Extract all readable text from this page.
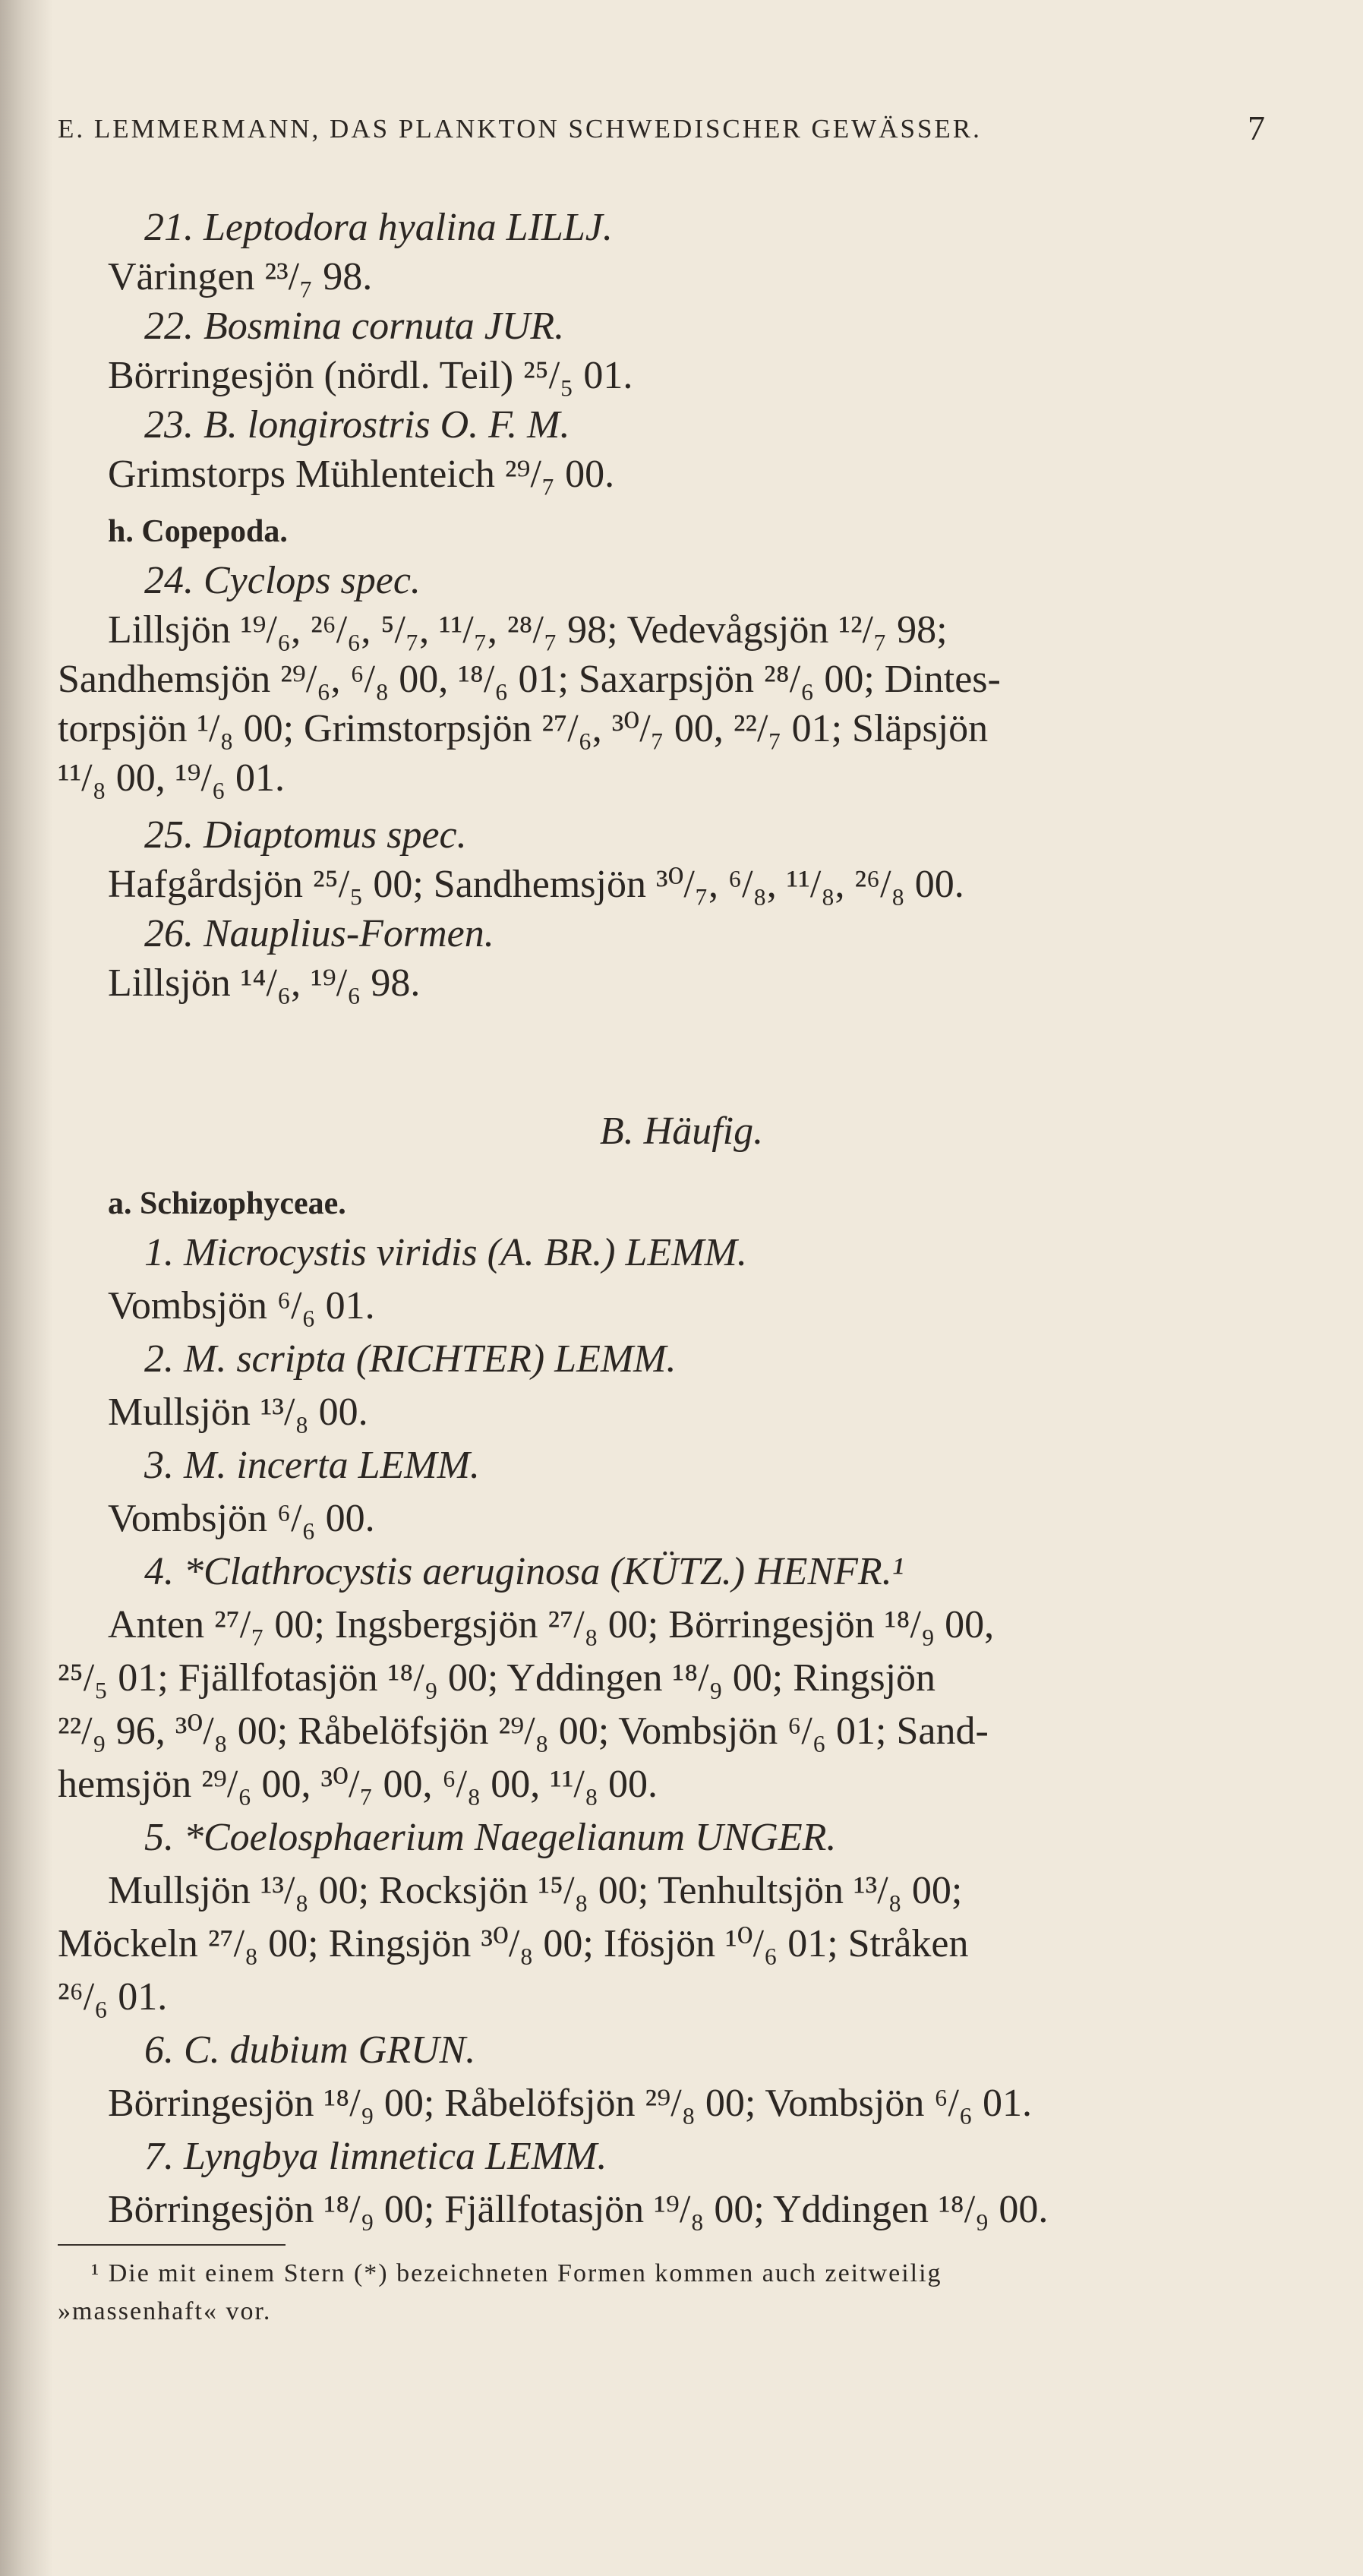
E. LEMMERMANN, DAS PLANKTON SCHWEDISCHER GEWÄSSER.	7
21. Leptodora hyalina LILLJ.
Väringen ²³/₇ 98.
22. Bosmina cornuta JUR.
Börringesjön (nördl. Teil) ²⁵/₅ 01.
23. B. longirostris O. F. M.
Grimstorps Mühlenteich ²⁹/₇ 00.
h. Copepoda.
24. Cyclops spec.
Lillsjön ¹⁹/₆, ²⁶/₆, ⁵/₇, ¹¹/₇, ²⁸/₇ 98; Vedevågsjön ¹²/₇ 98;
Sandhemsjön ²⁹/₆, ⁶/₈ 00, ¹⁸/₆ 01; Saxarpsjön ²⁸/₆ 00; Dintes-
torpsjön ¹/₈ 00; Grimstorpsjön ²⁷/₆, ³⁰/₇ 00, ²²/₇ 01; Släpsjön
¹¹/₈ 00, ¹⁹/₆ 01.
25. Diaptomus spec.
Hafgårdsjön ²⁵/₅ 00; Sandhemsjön ³⁰/₇, ⁶/₈, ¹¹/₈, ²⁶/₈ 00.
26. Nauplius-Formen.
Lillsjön ¹⁴/₆, ¹⁹/₆ 98.
B. Häufig.
a. Schizophyceae.
1. Microcystis viridis (A. BR.) LEMM.
Vombsjön ⁶/₆ 01.
2. M. scripta (RICHTER) LEMM.
Mullsjön ¹³/₈ 00.
3. M. incerta LEMM.
Vombsjön ⁶/₆ 00.
4. *Clathrocystis aeruginosa (KÜTZ.) HENFR.¹
Anten ²⁷/₇ 00; Ingsbergsjön ²⁷/₈ 00; Börringesjön ¹⁸/₉ 00,
²⁵/₅ 01; Fjällfotasjön ¹⁸/₉ 00; Yddingen ¹⁸/₉ 00; Ringsjön
²²/₉ 96, ³⁰/₈ 00; Råbelöfsjön ²⁹/₈ 00; Vombsjön ⁶/₆ 01; Sand-
hemsjön ²⁹/₆ 00, ³⁰/₇ 00, ⁶/₈ 00, ¹¹/₈ 00.
5. *Coelosphaerium Naegelianum UNGER.
Mullsjön ¹³/₈ 00; Rocksjön ¹⁵/₈ 00; Tenhultsjön ¹³/₈ 00;
Möckeln ²⁷/₈ 00; Ringsjön ³⁰/₈ 00; Ifösjön ¹⁰/₆ 01; Stråken
²⁶/₆ 01.
6. C. dubium GRUN.
Börringesjön ¹⁸/₉ 00; Råbelöfsjön ²⁹/₈ 00; Vombsjön ⁶/₆ 01.
7. Lyngbya limnetica LEMM.
Börringesjön ¹⁸/₉ 00; Fjällfotasjön ¹⁹/₈ 00; Yddingen ¹⁸/₉ 00.
¹ Die mit einem Stern (*) bezeichneten Formen kommen auch zeitweilig
»massenhaft« vor.
